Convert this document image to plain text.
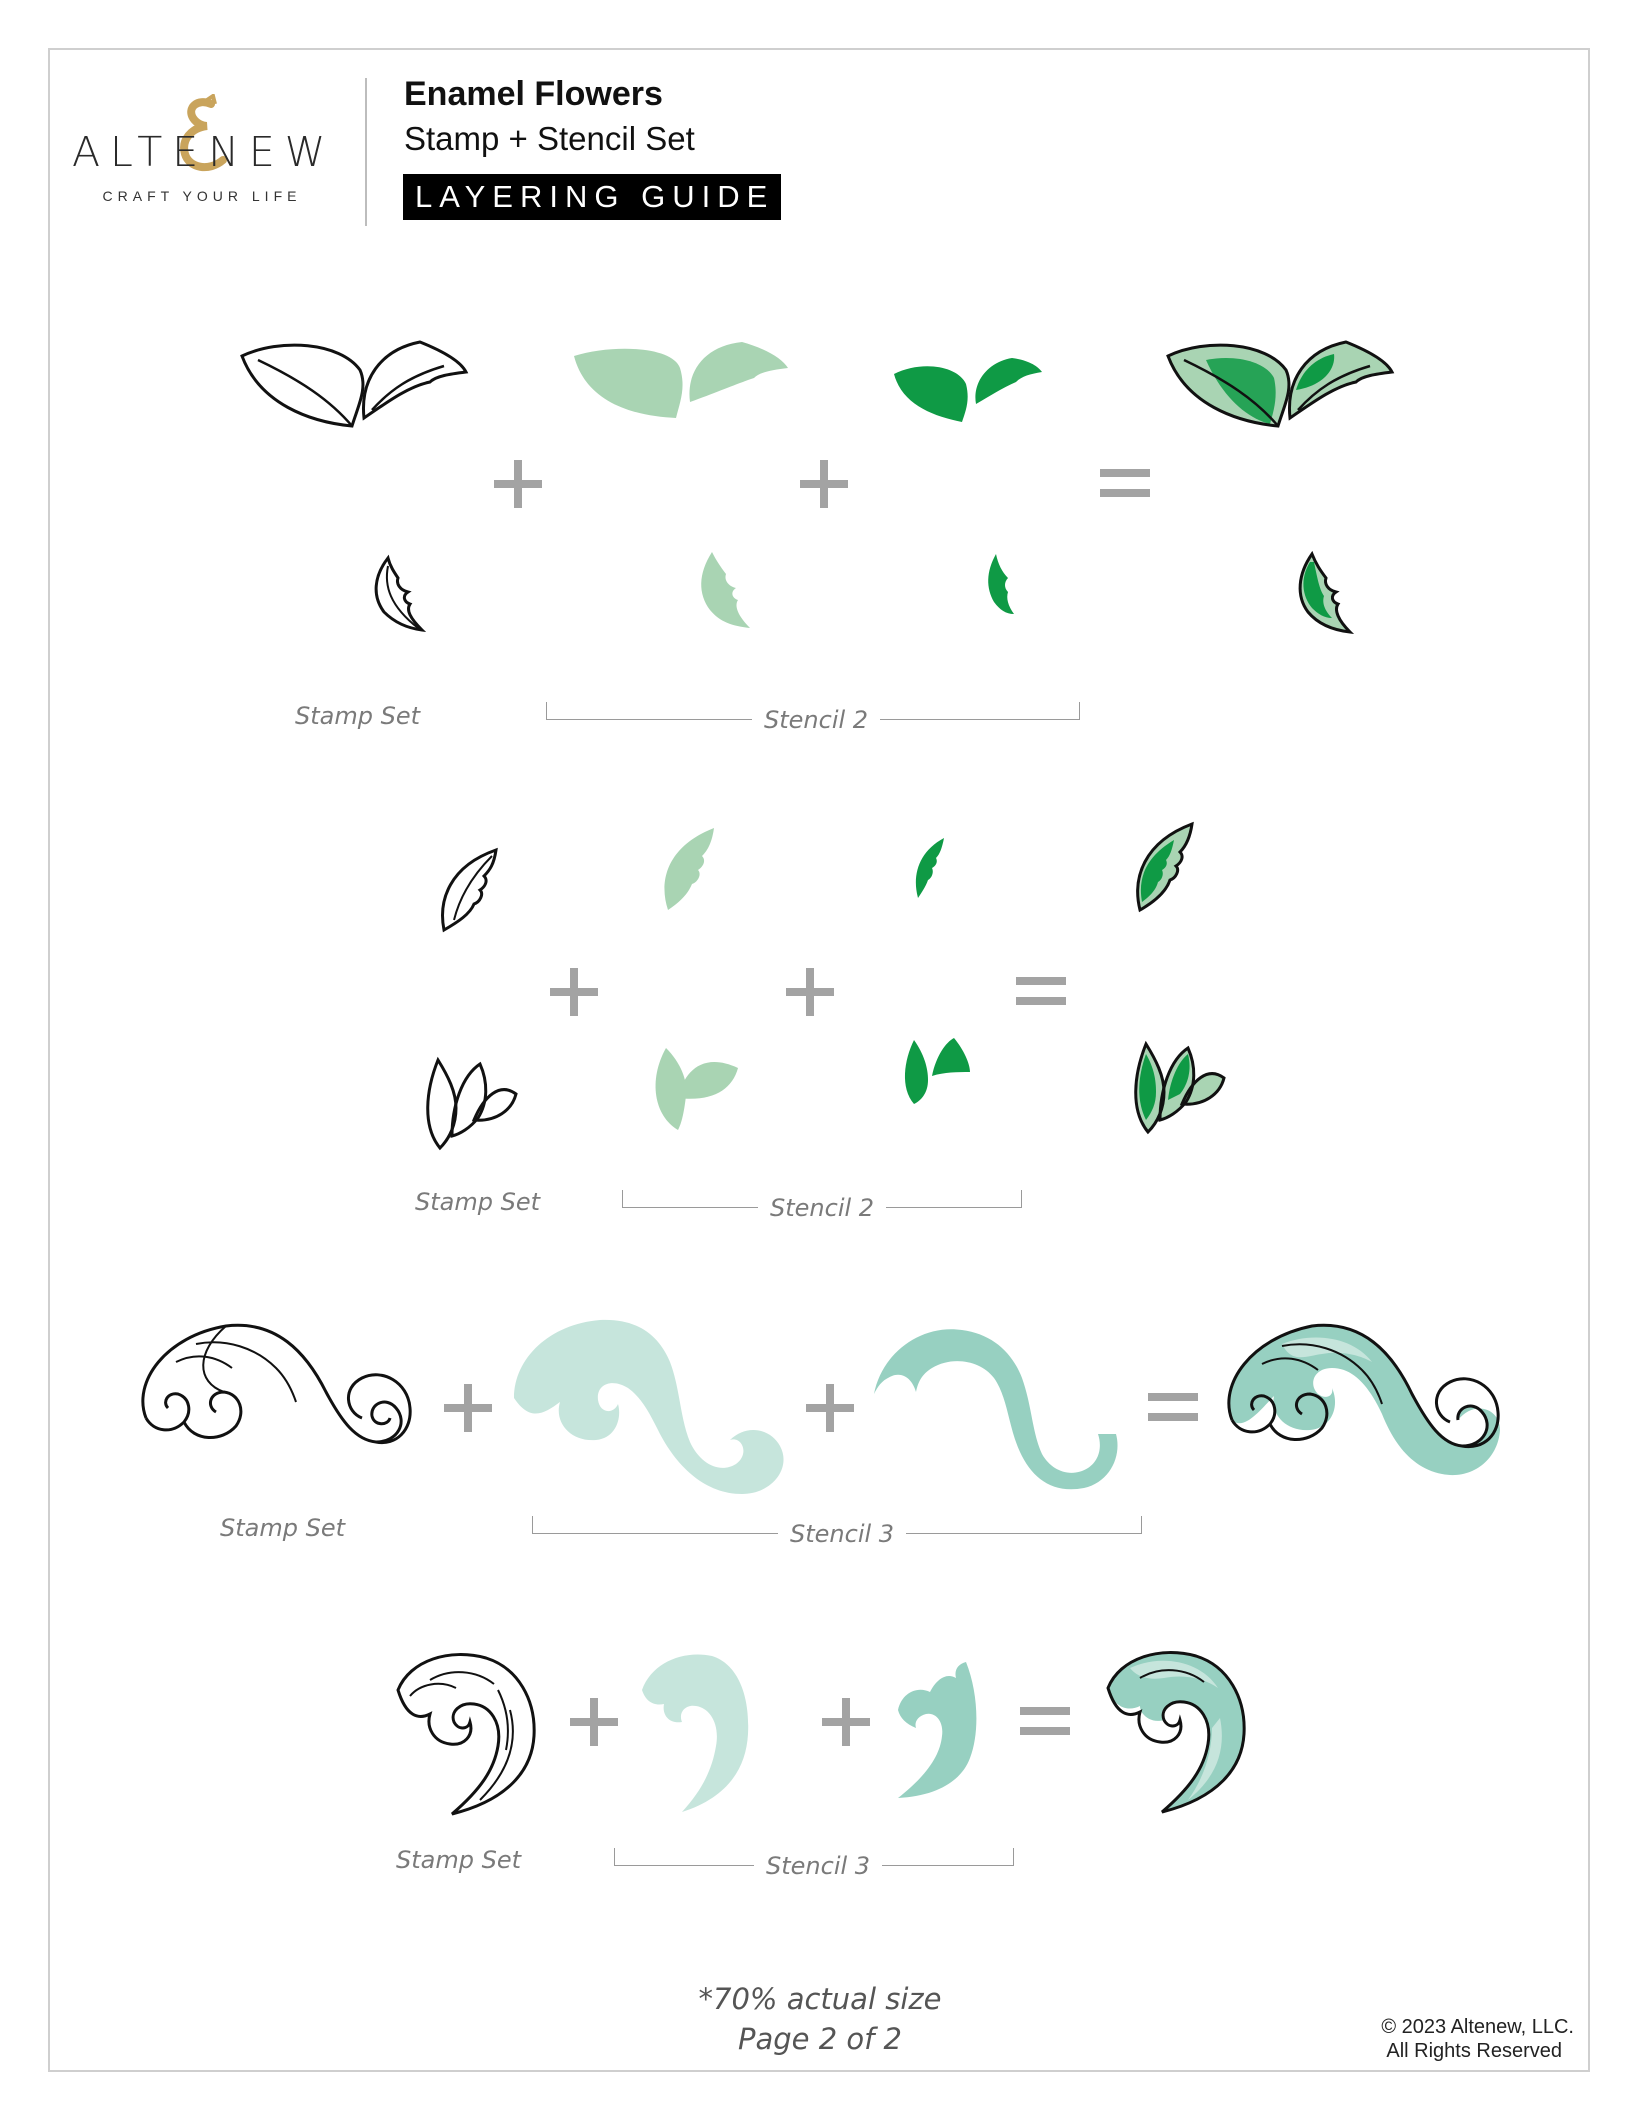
ALTENEW
CRAFT YOUR LIFE
Enamel Flowers
Stamp + Stencil Set
LAYERING GUIDE
Stamp Set	Stencil 2
Stamp Set	Stencil 2
Stamp Set	Stencil 3
Stamp Set	Stencil 3
*70% actual size
Page 2 of 2	© 2023 Altenew, LLC.
All Rights Reserved
